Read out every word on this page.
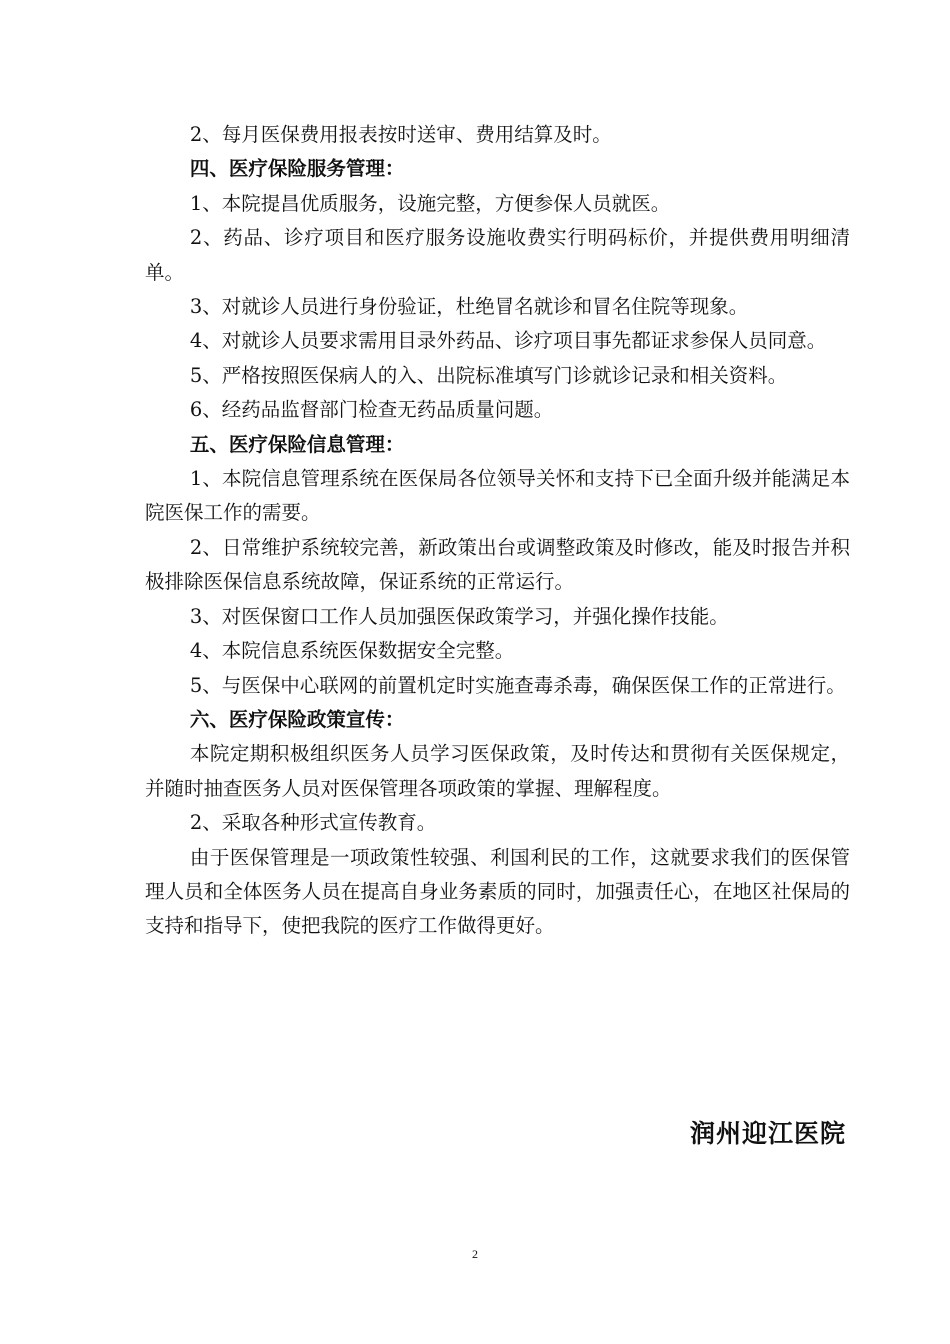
2、每月医保费用报表按时送审、费用结算及时。

四、医疗保险服务管理：

1、本院提昌优质服务，设施完整，方便参保人员就医。

2、药品、诊疗项目和医疗服务设施收费实行明码标价，并提供费用明细清单。

3、对就诊人员进行身份验证，杜绝冒名就诊和冒名住院等现象。

4、对就诊人员要求需用目录外药品、诊疗项目事先都证求参保人员同意。

5、严格按照医保病人的入、出院标准填写门诊就诊记录和相关资料。

6、经药品监督部门检查无药品质量问题。

五、医疗保险信息管理：

1、本院信息管理系统在医保局各位领导关怀和支持下已全面升级并能满足本院医保工作的需要。

2、日常维护系统较完善，新政策出台或调整政策及时修改，能及时报告并积极排除医保信息系统故障，保证系统的正常运行。

3、对医保窗口工作人员加强医保政策学习，并强化操作技能。

4、本院信息系统医保数据安全完整。

5、与医保中心联网的前置机定时实施查毒杀毒，确保医保工作的正常进行。

六、医疗保险政策宣传：

本院定期积极组织医务人员学习医保政策，及时传达和贯彻有关医保规定，并随时抽查医务人员对医保管理各项政策的掌握、理解程度。

2、采取各种形式宣传教育。

由于医保管理是一项政策性较强、利国利民的工作，这就要求我们的医保管理人员和全体医务人员在提高自身业务素质的同时，加强责任心，在地区社保局的支持和指导下，使把我院的医疗工作做得更好。

润州迎江医院
2
